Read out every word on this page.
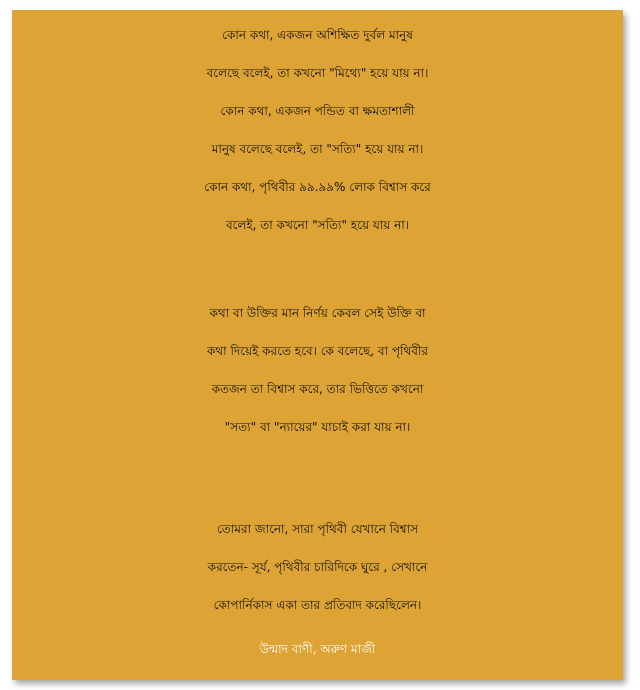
কোন কথা, একজন অশিক্ষিত দুর্বল মানুষ
বলেছে বলেই, তা কখনো "মিথ্যে" হয়ে যায় না।
কোন কথা, একজন পন্ডিত বা ক্ষমতাশালী
মানুষ বলেছে বলেই, তা "সত্যি" হয়ে যায় না।
কোন কথা, পৃথিবীর ৯৯.৯৯% লোক বিশ্বাস করে
বলেই, তা কখনো "সত্যি" হয়ে যায় না।
কথা বা উক্তির মান নির্ণয় কেবল সেই উক্তি বা
কথা দিয়েই করতে হবে। কে বলেছে, বা পৃথিবীর
কতজন তা বিশ্বাস করে, তার ভিত্তিতে কখনো
"সত্য" বা "ন্যায়ের" যাচাই করা যায় না।
তোমরা জানো, সারা পৃথিবী যেখানে বিশ্বাস
করতেন- সূর্য, পৃথিবীর চারিদিকে ঘুরে , সেখানে
কোপার্নিকাস একা তার প্রতিবাদ করেছিলেন।
উন্মাদ বাণী, অরুণ মাজী
